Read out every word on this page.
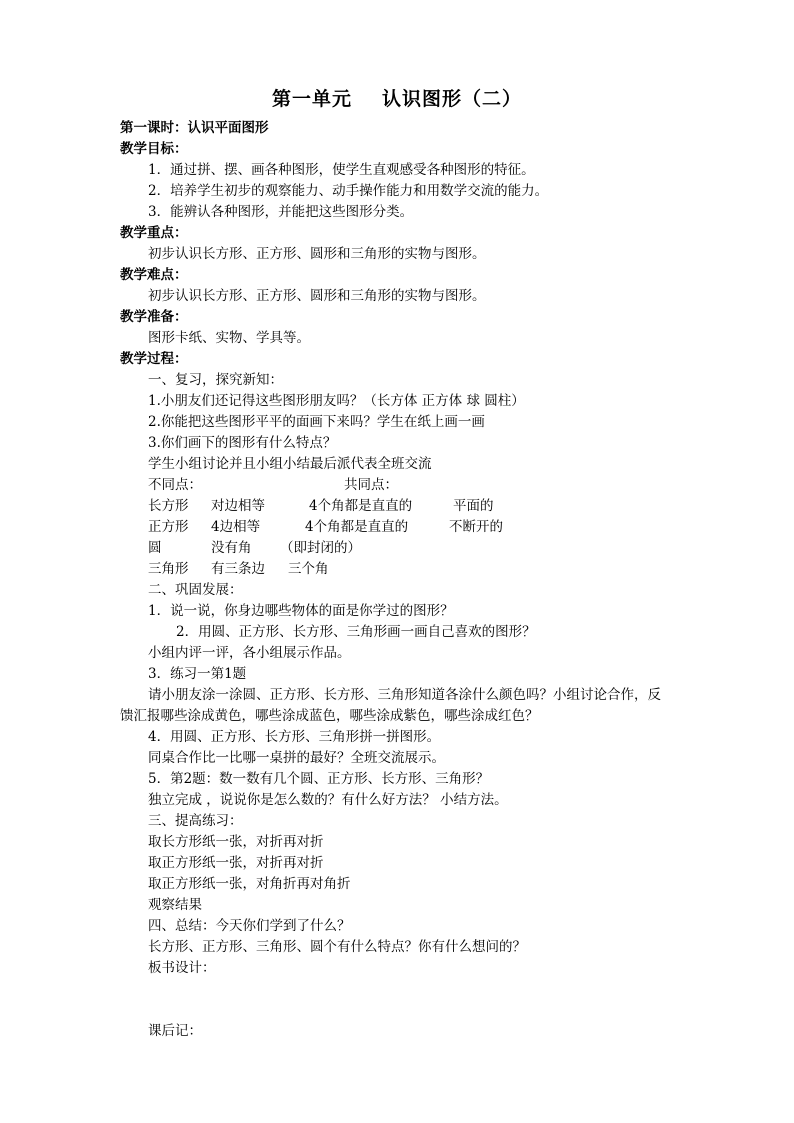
第一单元 认识图形（二）
第一课时：认识平面图形
教学目标：
1．通过拼、摆、画各种图形，使学生直观感受各种图形的特征。
2．培养学生初步的观察能力、动手操作能力和用数学交流的能力。
3．能辨认各种图形，并能把这些图形分类。
教学重点：
初步认识长方形、正方形、圆形和三角形的实物与图形。
教学难点：
初步认识长方形、正方形、圆形和三角形的实物与图形。
教学准备：
图形卡纸、实物、学具等。
教学过程：
一、复习，探究新知：
1.小朋友们还记得这些图形朋友吗？（长方体 正方体 球 圆柱）
2.你能把这些图形平平的面画下来吗？学生在纸上画一画
3.你们画下的图形有什么特点？
学生小组讨论并且小组小结最后派代表全班交流
不同点：	共同点：
长方形 对边相等	4个角都是直直的	平面的
正方形 4边相等	4个角都是直直的	不断开的
圆	没有角 （即封闭的）
三角形 有三条边 三个角
二、巩固发展：
1．说一说，你身边哪些物体的面是你学过的图形？
2．用圆、正方形、长方形、三角形画一画自己喜欢的图形？
小组内评一评，各小组展示作品。
3．练习一第1题
请小朋友涂一涂圆、正方形、长方形、三角形知道各涂什么颜色吗？小组讨论合作，反
馈汇报哪些涂成黄色，哪些涂成蓝色，哪些涂成紫色，哪些涂成红色？
4．用圆、正方形、长方形、三角形拼一拼图形。
同桌合作比一比哪一桌拼的最好？全班交流展示。
5．第2题：数一数有几个圆、正方形、长方形、三角形？
独立完成 ，说说你是怎么数的？有什么好方法？ 小结方法。
三、提高练习：
取长方形纸一张，对折再对折
取正方形纸一张，对折再对折
取正方形纸一张，对角折再对角折
观察结果
四、总结：今天你们学到了什么？
长方形、正方形、三角形、圆个有什么特点？你有什么想问的？
板书设计：
课后记：
